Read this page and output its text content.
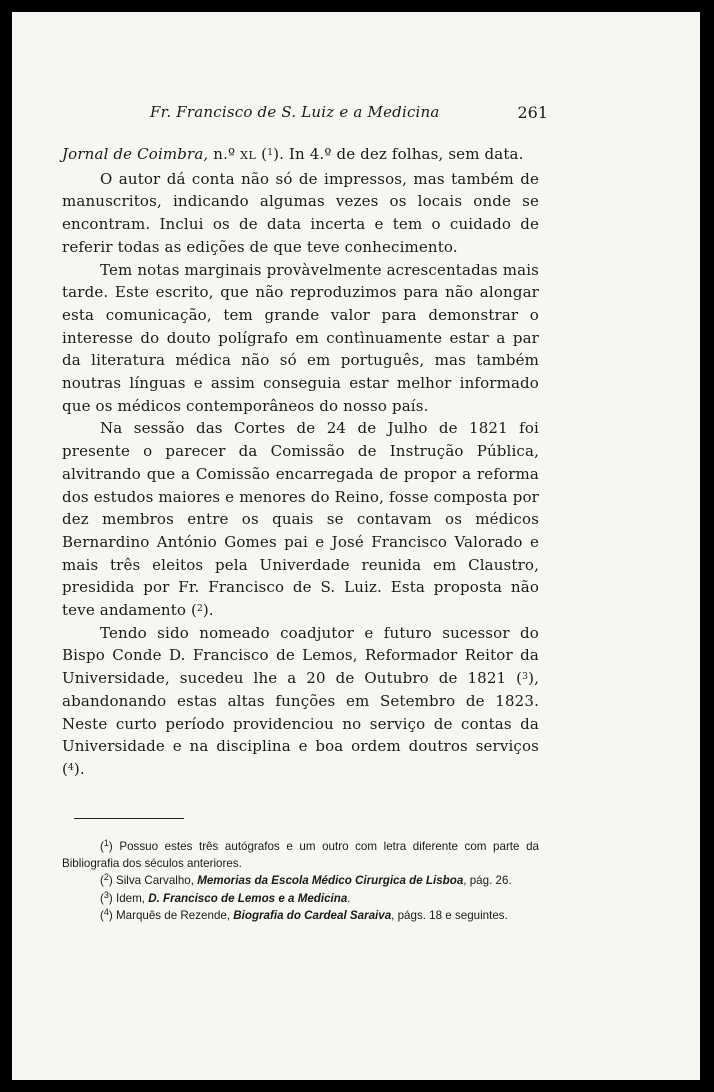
Fr. Francisco de S. Luiz e a Medicina	261

Jornal de Coimbra, n.º XL ($^1$). In 4.º de dez folhas, sem data.

O autor dá conta não só de impressos, mas também de manuscritos, indicando algumas vezes os locais onde se encontram. Inclui os de data incerta e tem o cuidado de referir todas as edições de que teve conhecimento.

Tem notas marginais provàvelmente acrescentadas mais tarde. Este escrito, que não reproduzimos para não alongar esta comunicação, tem grande valor para demonstrar o interesse do douto polígrafo em contìnuamente estar a par da literatura médica não só em português, mas também noutras línguas e assim conseguia estar melhor informado que os médicos contemporâneos do nosso país.

Na sessão das Cortes de 24 de Julho de 1821 foi presente o parecer da Comissão de Instrução Pública, alvitrando que a Comissão encarregada de propor a reforma dos estudos maiores e menores do Reino, fosse composta por dez membros entre os quais se contavam os médicos Bernardino António Gomes pai e José Francisco Valorado e mais três eleitos pela Univerdade reunida em Claustro, presidida por Fr. Francisco de S. Luiz. Esta proposta não teve andamento ($^2$).

Tendo sido nomeado coadjutor e futuro sucessor do Bispo Conde D. Francisco de Lemos, Reformador Reitor da Universidade, sucedeu lhe a 20 de Outubro de 1821 ($^3$), abandonando estas altas funções em Setembro de 1823. Neste curto período providenciou no serviço de contas da Universidade e na disciplina e boa ordem doutros serviços ($^4$).

($^1$) Possuo estes três autógrafos e um outro com letra diferente com parte da Bibliografia dos séculos anteriores.

($^2$) Silva Carvalho, Memorias da Escola Médico Cirurgica de Lisboa, pág. 26.

($^3$) Idem, D. Francisco de Lemos e a Medicina.

($^4$) Marquês de Rezende, Biografia do Cardeal Saraiva, págs. 18 e seguintes.
